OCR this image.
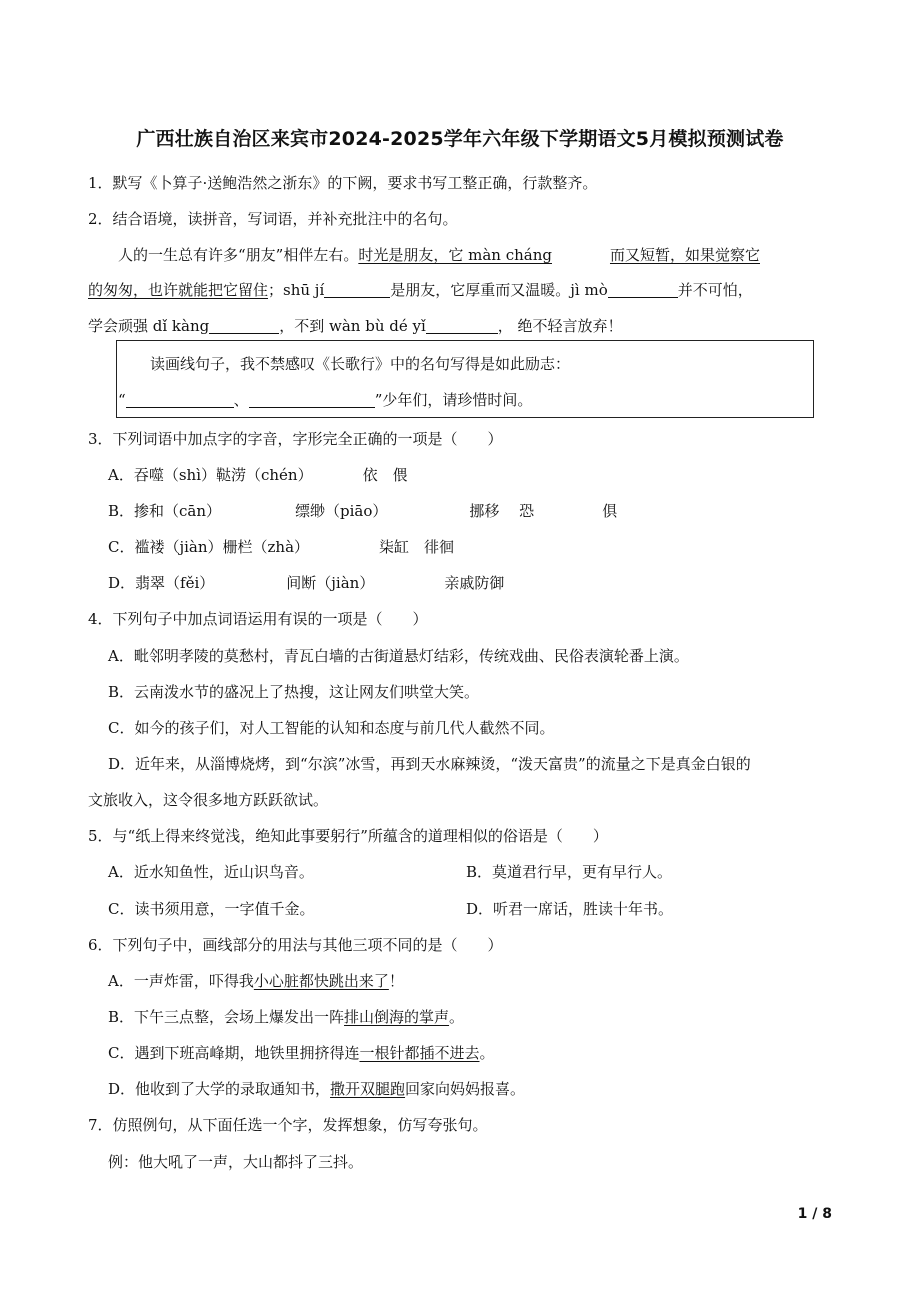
广西壮族自治区来宾市2024-2025学年六年级下学期语文5月模拟预测试卷
1．默写《卜算子·送鲍浩然之浙东》的下阙，要求书写工整正确，行款整齐。
2．结合语境，读拼音，写词语，并补充批注中的名句。
人的一生总有许多“朋友”相伴左右。时光是朋友，它 màn cháng	而又短暂，如果觉察它
的匆匆，也许就能把它留住；shū jí	是朋友，它厚重而又温暖。jì mò	并不可怕，
学会顽强 dǐ kàng	，不到 wàn bù dé yǐ	， 绝不轻言放弃！
读画线句子，我不禁感叹《长歌行》中的名句写得是如此励志：
“	、	”少年们，请珍惜时间。
3．下列词语中加点字的字音，字形完全正确的一项是（　　）
A．吞噬（shì）鞑涝（chén）	依　偎
B．掺和（cān）	缥缈（piāo）	挪移　 恐	俱
C．褴褛（jiàn）栅栏（zhà）	柒缸　徘徊
D．翡翠（fěi）	间断（jiàn）	亲戚防御
4．下列句子中加点词语运用有误的一项是（　　）
A．毗邻明孝陵的莫愁村，青瓦白墙的古街道悬灯结彩，传统戏曲、民俗表演轮番上演。
B．云南泼水节的盛况上了热搜，这让网友们哄堂大笑。
C．如今的孩子们，对人工智能的认知和态度与前几代人截然不同。
D．近年来，从淄博烧烤，到“尔滨”冰雪，再到天水麻辣烫，“泼天富贵”的流量之下是真金白银的
文旅收入，这令很多地方跃跃欲试。
5．与“纸上得来终觉浅，绝知此事要躬行”所蕴含的道理相似的俗语是（　　）
A．近水知鱼性，近山识鸟音。	B．莫道君行早，更有早行人。
C．读书须用意，一字值千金。	D．听君一席话，胜读十年书。
6．下列句子中，画线部分的用法与其他三项不同的是（　　）
A．一声炸雷，吓得我小心脏都快跳出来了！
B．下午三点整，会场上爆发出一阵排山倒海的掌声。
C．遇到下班高峰期，地铁里拥挤得连一根针都插不进去。
D．他收到了大学的录取通知书，撒开双腿跑回家向妈妈报喜。
7．仿照例句，从下面任选一个字，发挥想象，仿写夸张句。
例：他大吼了一声，大山都抖了三抖。
1 / 8
